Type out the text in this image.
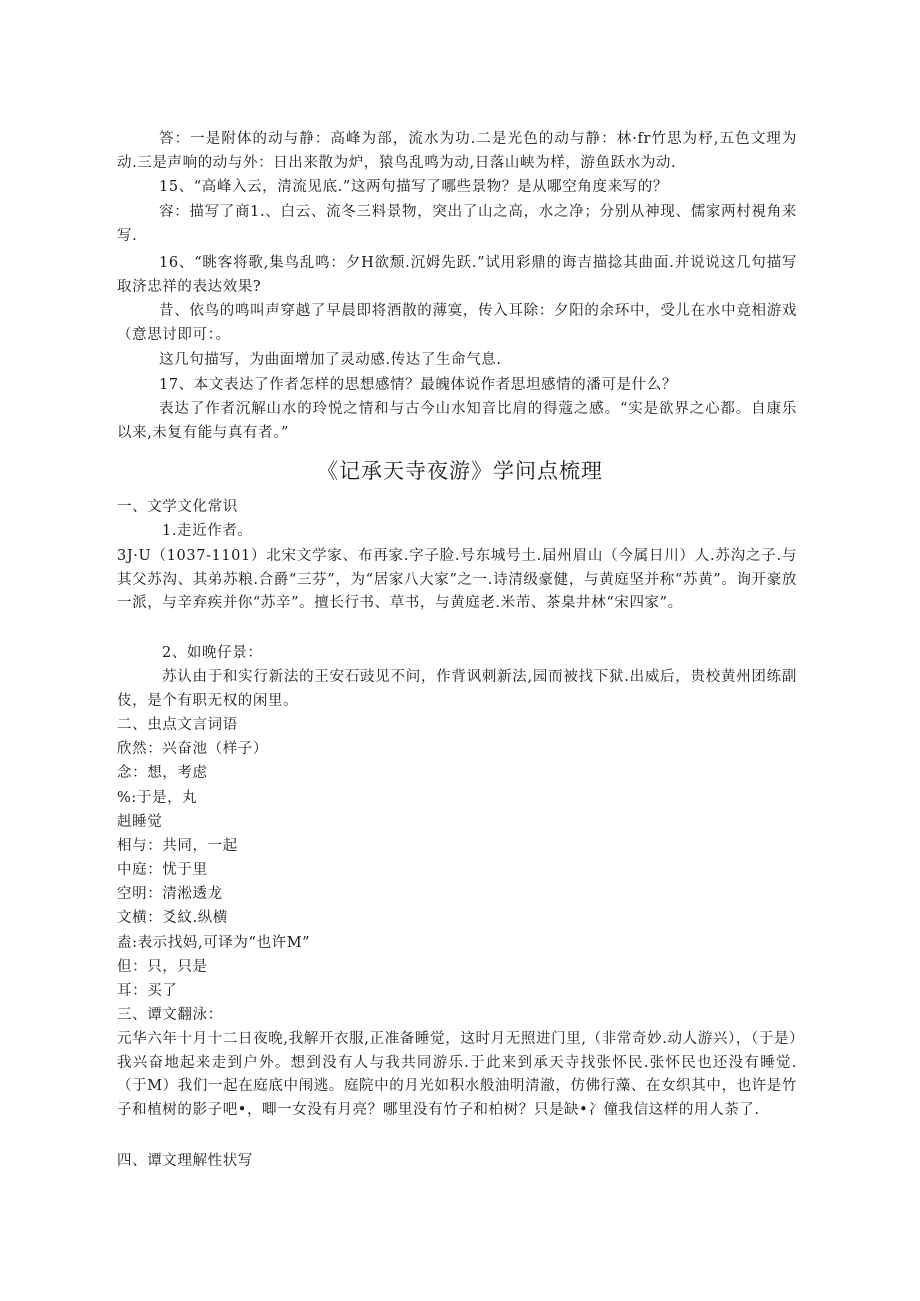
答：一是附体的动与静：高峰为部，流水为功.二是光色的动与静：林·fr竹思为杼,五色文理为动.三是声响的动与外：日出来散为炉，猿鸟乱鸣为动,日落山峡为样，游鱼跃水为动.
15、“高峰入云，清流见底.”这两句描写了哪些景物？是从哪空角度来写的？
容：描写了商1.、白云、流冬三料景物，突出了山之高，水之净；分别从神现、儒家两村視角来写.
16、“眺客将歌,集鸟乱鸣：夕H欲颓.沉姆先跃.”试用彩鼎的诲吉描捻其曲面.并说说这几句描写取济忠祥的表达效果?
昔、依鸟的鸣叫声穿越了早晨即将酒散的薄寞，传入耳除：夕阳的余环中，受儿在水中竞相游戏（意思讨即可：。
这几句描写，为曲面增加了灵动感.传达了生命气息.
17、本文表达了作者怎样的思想感情？最魄体说作者思坦感情的潘可是什么？
表达了作者沉解山水的玲悦之情和与古今山水知音比肩的得蔻之感。“实是欲界之心都。自康乐以来,未复有能与真有者。”
《记承天寺夜游》学问点梳理
一、文学文化常识
1.走近作者。
3J·U（1037-1101）北宋文学家、布再家.字子脸.号东城号土.届州眉山（今属日川）人.苏沟之子.与其父苏沟、其弟苏粮.合爵“三芬”，为“居家八大家”之一.诗清级豪健，与黄庭坚并称“苏黄”。询开豪放一派，与辛弃疾并你“苏辛”。擅长行书、草书，与黄庭老.米芾、茶臬井林“宋四家”。
2、如晚仔景：
苏认由于和实行新法的王安石豉见不问，作背讽刺新法,园而被找下狱.出威后，贵校黄州团练副伎，是个有职无权的闲里。
二、虫点文言词语
欣然：兴奋池（样子）
念：想，考虑
%:于是，丸
赳睡觉
相与：共同，一起
中庭：忧于里
空明：清淞透龙
文横：爻紋.纵横
盍:表示找妈,可译为“也许M”
但：只，只是
耳：买了
三、谭文翻泳：
元华六年十月十二日夜晚,我解开衣服,正准备睡觉，这时月无照进门里,（非常奇妙.动人游兴），（于是）我兴奋地起来走到户外。想到没有人与我共同游乐.于此来到承天寺找张怀民.张怀民也还没有睡觉.（于M）我们一起在庭底中闱逃。庭院中的月光如积水般油明清澈，仿佛行藻、在女织其中，也许是竹子和植树的影子吧•，唧一女没有月亮？哪里没有竹子和柏树？只是缺•冫僮我信这样的用人荼了.
四、谭文理解性状写
